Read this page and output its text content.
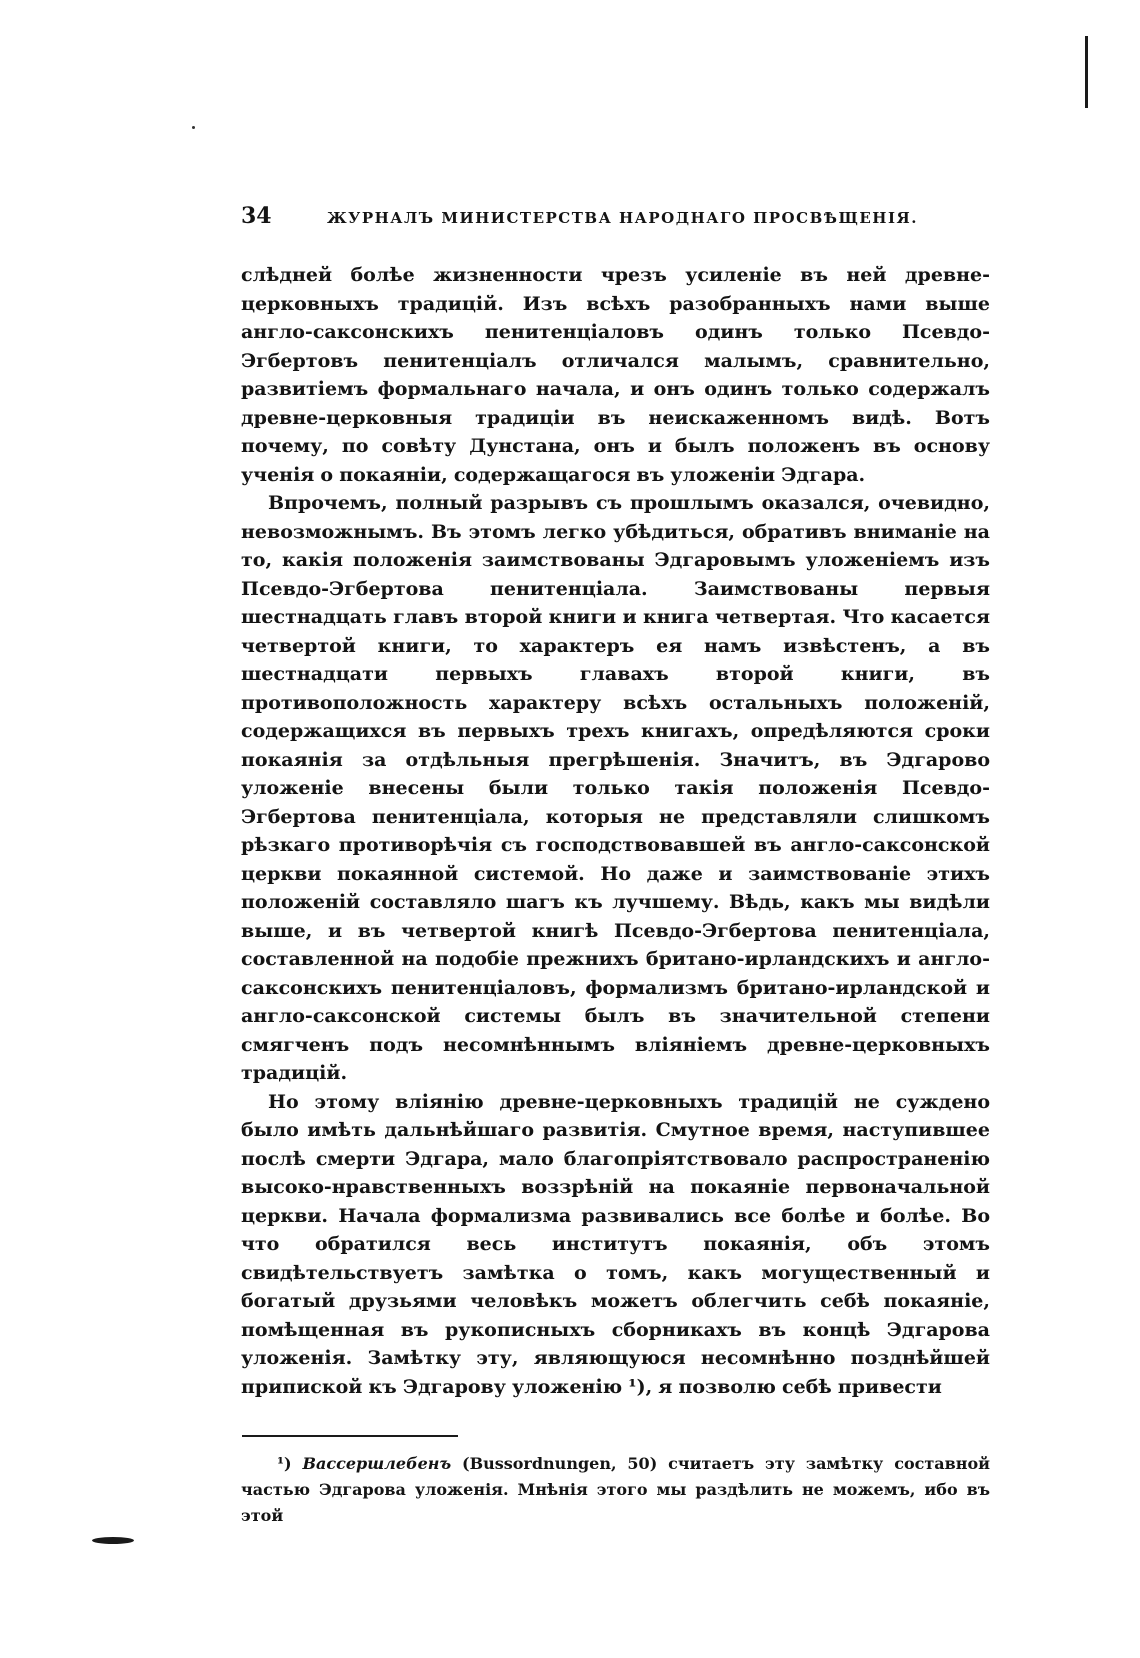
34	ЖУРНАЛЪ МИНИСТЕРСТВА НАРОДНАГО ПРОСВѢЩЕНІЯ.

слѣдней болѣе жизненности чрезъ усиленіе въ ней древне-церковныхъ традицій. Изъ всѣхъ разобранныхъ нами выше англо-саксонскихъ пенитенціаловъ одинъ только Псевдо-Эгбертовъ пенитенціалъ отличался малымъ, сравнительно, развитіемъ формальнаго начала, и онъ одинъ только содержалъ древне-церковныя традиціи въ неискаженномъ видѣ. Вотъ почему, по совѣту Дунстана, онъ и былъ положенъ въ основу ученія о покаяніи, содержащагося въ уложеніи Эдгара.

Впрочемъ, полный разрывъ съ прошлымъ оказался, очевидно, невозможнымъ. Въ этомъ легко убѣдиться, обративъ вниманіе на то, какія положенія заимствованы Эдгаровымъ уложеніемъ изъ Псевдо-Эгбертова пенитенціала. Заимствованы первыя шестнадцать главъ второй книги и книга четвертая. Что касается четвертой книги, то характеръ ея намъ извѣстенъ, а въ шестнадцати первыхъ главахъ второй книги, въ противоположность характеру всѣхъ остальныхъ положеній, содержащихся въ первыхъ трехъ книгахъ, опредѣляются сроки покаянія за отдѣльныя прегрѣшенія. Значитъ, въ Эдгарово уложеніе внесены были только такія положенія Псевдо-Эгбертова пенитенціала, которыя не представляли слишкомъ рѣзкаго противорѣчія съ господствовавшей въ англо-саксонской церкви покаянной системой. Но даже и заимствованіе этихъ положеній составляло шагъ къ лучшему. Вѣдь, какъ мы видѣли выше, и въ четвертой книгѣ Псевдо-Эгбертова пенитенціала, составленной на подобіе прежнихъ британо-ирландскихъ и англо-саксонскихъ пенитенціаловъ, формализмъ британо-ирландской и англо-саксонской системы былъ въ значительной степени смягченъ подъ несомнѣннымъ вліяніемъ древне-церковныхъ традицій.

Но этому вліянію древне-церковныхъ традицій не суждено было имѣть дальнѣйшаго развитія. Смутное время, наступившее послѣ смерти Эдгара, мало благопріятствовало распространенію высоко-нравственныхъ воззрѣній на покаяніе первоначальной церкви. Начала формализма развивались все болѣе и болѣе. Во что обратился весь институтъ покаянія, объ этомъ свидѣтельствуетъ замѣтка о томъ, какъ могущественный и богатый друзьями человѣкъ можетъ облегчить себѣ покаяніе, помѣщенная въ рукописныхъ сборникахъ въ концѣ Эдгарова уложенія. Замѣтку эту, являющуюся несомнѣнно позднѣйшей припиской къ Эдгарову уложенію ¹), я позволю себѣ привести

¹) Вассершлебенъ (Bussordnungen, 50) считаетъ эту замѣтку составной частью Эдгарова уложенія. Мнѣнія этого мы раздѣлить не можемъ, ибо въ этой
